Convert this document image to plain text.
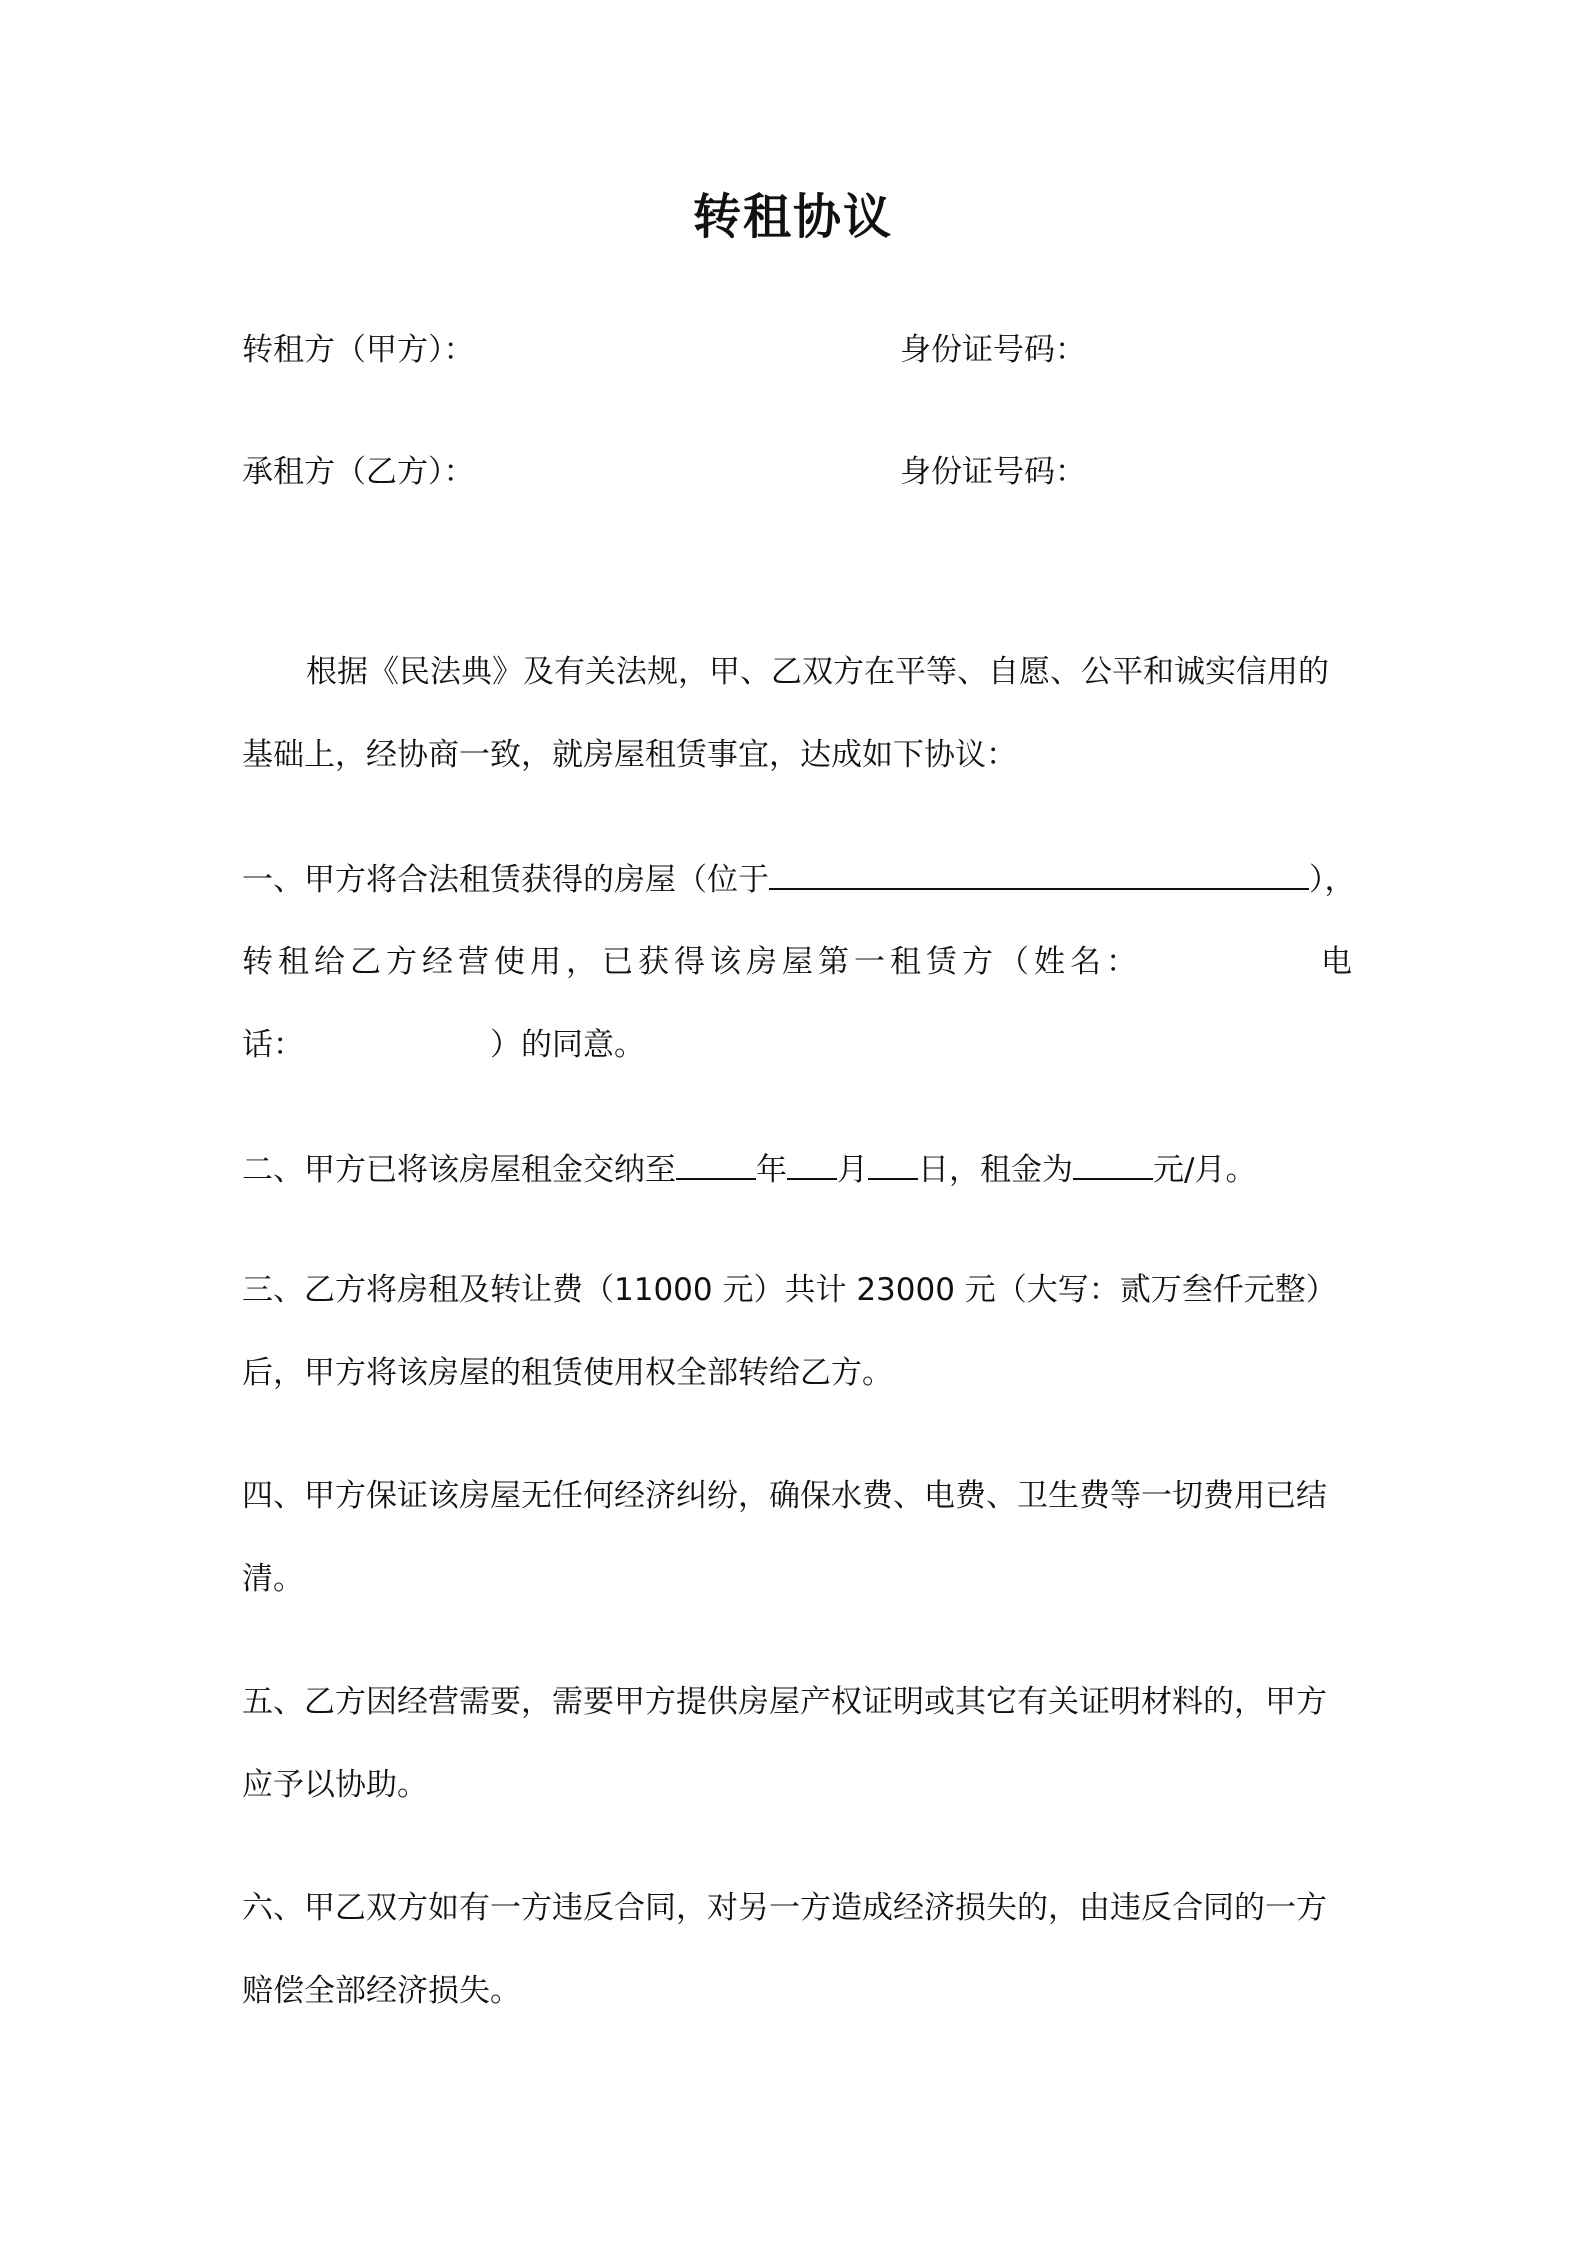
转租协议
转租方（甲方）：	身份证号码：
承租方（乙方）：	身份证号码：
根据《民法典》及有关法规，甲、乙双方在平等、自愿、公平和诚实信用的
基础上，经协商一致，就房屋租赁事宜，达成如下协议：
一、甲方将合法租赁获得的房屋（位于	），
转租给乙方经营使用，已获得该房屋第一租赁方（姓名：	电
话：	）的同意。
二、甲方已将该房屋租金交纳至	年 月 日，租金为	元/月。
三、乙方将房租及转让费（11000 元）共计 23000 元（大写：贰万叁仟元整）
后，甲方将该房屋的租赁使用权全部转给乙方。
四、甲方保证该房屋无任何经济纠纷，确保水费、电费、卫生费等一切费用已结
清。
五、乙方因经营需要，需要甲方提供房屋产权证明或其它有关证明材料的，甲方
应予以协助。
六、甲乙双方如有一方违反合同，对另一方造成经济损失的，由违反合同的一方
赔偿全部经济损失。
